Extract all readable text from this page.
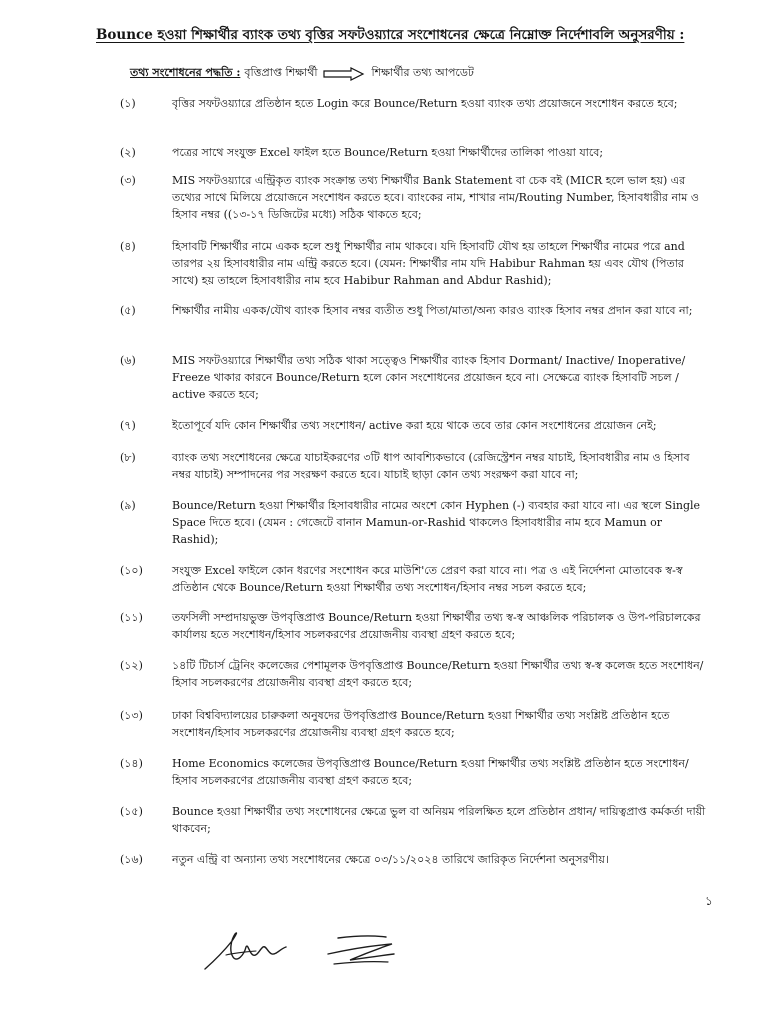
Bounce হওয়া শিক্ষার্থীর ব্যাংক তথ্য বৃত্তির সফটওয়্যারে সংশোধনের ক্ষেত্রে নিম্নোক্ত নির্দেশাবলি অনুসরণীয় :
তথ্য সংশোধনের পদ্ধতি : বৃত্তিপ্রাপ্ত শিক্ষার্থী	শিক্ষার্থীর তথ্য আপডেট
(১)	বৃত্তির সফটওয়্যারে প্রতিষ্ঠান হতে Login করে Bounce/Return হওয়া ব্যাংক তথ্য প্রয়োজনে সংশোধন করতে হবে;
(২)	পত্রের সাথে সংযুক্ত Excel ফাইল হতে Bounce/Return হওয়া শিক্ষার্থীদের তালিকা পাওয়া যাবে;
(৩)	MIS সফটওয়্যারে এন্ট্রিকৃত ব্যাংক সংক্রান্ত তথ্য শিক্ষার্থীর Bank Statement বা চেক বই (MICR হলে ভাল হয়) এর তথ্যের সাথে মিলিয়ে প্রয়োজনে সংশোধন করতে হবে। ব্যাংকের নাম, শাখার নাম/Routing Number, হিসাবধারীর নাম ও হিসাব নম্বর ((১৩-১৭ ডিজিটের মধ্যে) সঠিক থাকতে হবে;
(৪)	হিসাবটি শিক্ষার্থীর নামে একক হলে শুধু শিক্ষার্থীর নাম থাকবে। যদি হিসাবটি যৌথ হয় তাহলে শিক্ষার্থীর নামের পরে and তারপর ২য় হিসাবধারীর নাম এন্ট্রি করতে হবে। (যেমন: শিক্ষার্থীর নাম যদি Habibur Rahman হয় এবং যৌথ (পিতার সাথে) হয় তাহলে হিসাবধারীর নাম হবে Habibur Rahman and Abdur Rashid);
(৫)	শিক্ষার্থীর নামীয় একক/যৌথ ব্যাংক হিসাব নম্বর ব্যতীত শুধু পিতা/মাতা/অন্য কারও ব্যাংক হিসাব নম্বর প্রদান করা যাবে না;
(৬)	MIS সফটওয়্যারে শিক্ষার্থীর তথ্য সঠিক থাকা সত্ত্বেও শিক্ষার্থীর ব্যাংক হিসাব Dormant/ Inactive/ Inoperative/ Freeze থাকার কারনে Bounce/Return হলে কোন সংশোধনের প্রয়োজন হবে না। সেক্ষেত্রে ব্যাংক হিসাবটি সচল / active করতে হবে;
(৭)	ইতোপূর্বে যদি কোন শিক্ষার্থীর তথ্য সংশোধন/ active করা হয়ে থাকে তবে তার কোন সংশোধনের প্রয়োজন নেই;
(৮)	ব্যাংক তথ্য সংশোধনের ক্ষেত্রে যাচাইকরণের ৩টি ধাপ আবশ্যিকভাবে (রেজিস্ট্রেশন নম্বর যাচাই, হিসাবধারীর নাম ও হিসাব নম্বর যাচাই) সম্পাদনের পর সংরক্ষণ করতে হবে। যাচাই ছাড়া কোন তথ্য সংরক্ষণ করা যাবে না;
(৯)	Bounce/Return হওয়া শিক্ষার্থীর হিসাবধারীর নামের অংশে কোন Hyphen (-) ব্যবহার করা যাবে না। এর স্থলে Single Space দিতে হবে। (যেমন : গেজেটে বানান Mamun-or-Rashid থাকলেও হিসাবধারীর নাম হবে Mamun or Rashid);
(১০)	সংযুক্ত Excel ফাইলে কোন ধরণের সংশোধন করে মাউশি'তে প্রেরণ করা যাবে না। পত্র ও এই নির্দেশনা মোতাবেক স্ব-স্ব প্রতিষ্ঠান থেকে Bounce/Return হওয়া শিক্ষার্থীর তথ্য সংশোধন/হিসাব নম্বর সচল করতে হবে;
(১১)	তফসিলী সম্প্রদায়ভুক্ত উপবৃত্তিপ্রাপ্ত Bounce/Return হওয়া শিক্ষার্থীর তথ্য স্ব-স্ব আঞ্চলিক পরিচালক ও উপ-পরিচালকের কার্যালয় হতে সংশোধন/হিসাব সচলকরণের প্রয়োজনীয় ব্যবস্থা গ্রহণ করতে হবে;
(১২)	১৪টি টিচার্স ট্রেনিং কলেজের পেশামূলক উপবৃত্তিপ্রাপ্ত Bounce/Return হওয়া শিক্ষার্থীর তথ্য স্ব-স্ব কলেজ হতে সংশোধন/হিসাব সচলকরণের প্রয়োজনীয় ব্যবস্থা গ্রহণ করতে হবে;
(১৩)	ঢাকা বিশ্ববিদ্যালয়ের চারুকলা অনুষদের উপবৃত্তিপ্রাপ্ত Bounce/Return হওয়া শিক্ষার্থীর তথ্য সংশ্লিষ্ট প্রতিষ্ঠান হতে সংশোধন/হিসাব সচলকরণের প্রয়োজনীয় ব্যবস্থা গ্রহণ করতে হবে;
(১৪)	Home Economics কলেজের উপবৃত্তিপ্রাপ্ত Bounce/Return হওয়া শিক্ষার্থীর তথ্য সংশ্লিষ্ট প্রতিষ্ঠান হতে সংশোধন/হিসাব সচলকরণের প্রয়োজনীয় ব্যবস্থা গ্রহণ করতে হবে;
(১৫)	Bounce হওয়া শিক্ষার্থীর তথ্য সংশোধনের ক্ষেত্রে ভুল বা অনিয়ম পরিলক্ষিত হলে প্রতিষ্ঠান প্রধান/ দায়িত্বপ্রাপ্ত কর্মকর্তা দায়ী থাকবেন;
(১৬)	নতুন এন্ট্রি বা অন্যান্য তথ্য সংশোধনের ক্ষেত্রে ০৩/১১/২০২৪ তারিখে জারিকৃত নির্দেশনা অনুসরণীয়।
১
